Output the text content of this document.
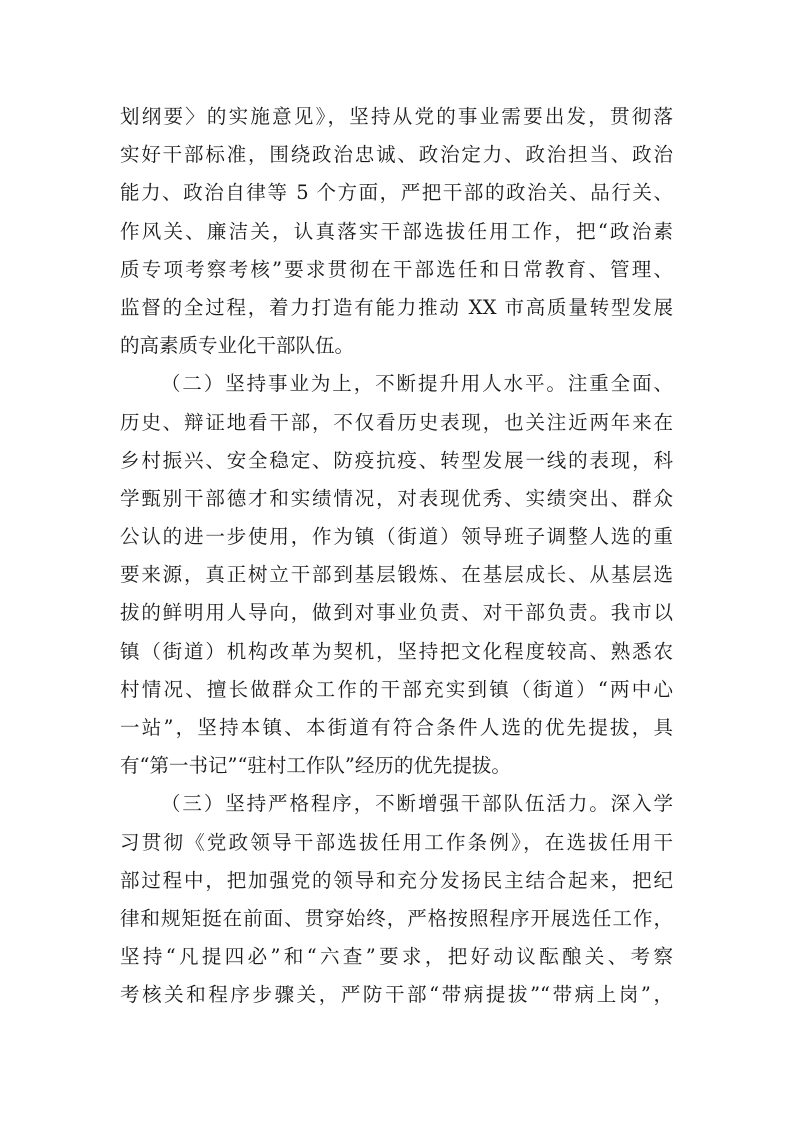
划纲要〉的实施意见》，坚持从党的事业需要出发，贯彻落
实好干部标准，围绕政治忠诚、政治定力、政治担当、政治
能力、政治自律等 5 个方面，严把干部的政治关、品行关、
作风关、廉洁关，认真落实干部选拔任用工作，把“政治素
质专项考察考核”要求贯彻在干部选任和日常教育、管理、
监督的全过程，着力打造有能力推动 XX 市高质量转型发展
的高素质专业化干部队伍。
（二）坚持事业为上，不断提升用人水平。注重全面、
历史、辩证地看干部，不仅看历史表现，也关注近两年来在
乡村振兴、安全稳定、防疫抗疫、转型发展一线的表现，科
学甄别干部德才和实绩情况，对表现优秀、实绩突出、群众
公认的进一步使用，作为镇（街道）领导班子调整人选的重
要来源，真正树立干部到基层锻炼、在基层成长、从基层选
拔的鲜明用人导向，做到对事业负责、对干部负责。我市以
镇（街道）机构改革为契机，坚持把文化程度较高、熟悉农
村情况、擅长做群众工作的干部充实到镇（街道）“两中心
一站”，坚持本镇、本街道有符合条件人选的优先提拔，具
有“第一书记”“驻村工作队”经历的优先提拔。
（三）坚持严格程序，不断增强干部队伍活力。深入学
习贯彻《党政领导干部选拔任用工作条例》，在选拔任用干
部过程中，把加强党的领导和充分发扬民主结合起来，把纪
律和规矩挺在前面、贯穿始终，严格按照程序开展选任工作，
坚持“凡提四必”和“六查”要求，把好动议酝酿关、考察
考核关和程序步骤关，严防干部“带病提拔”“带病上岗”，
